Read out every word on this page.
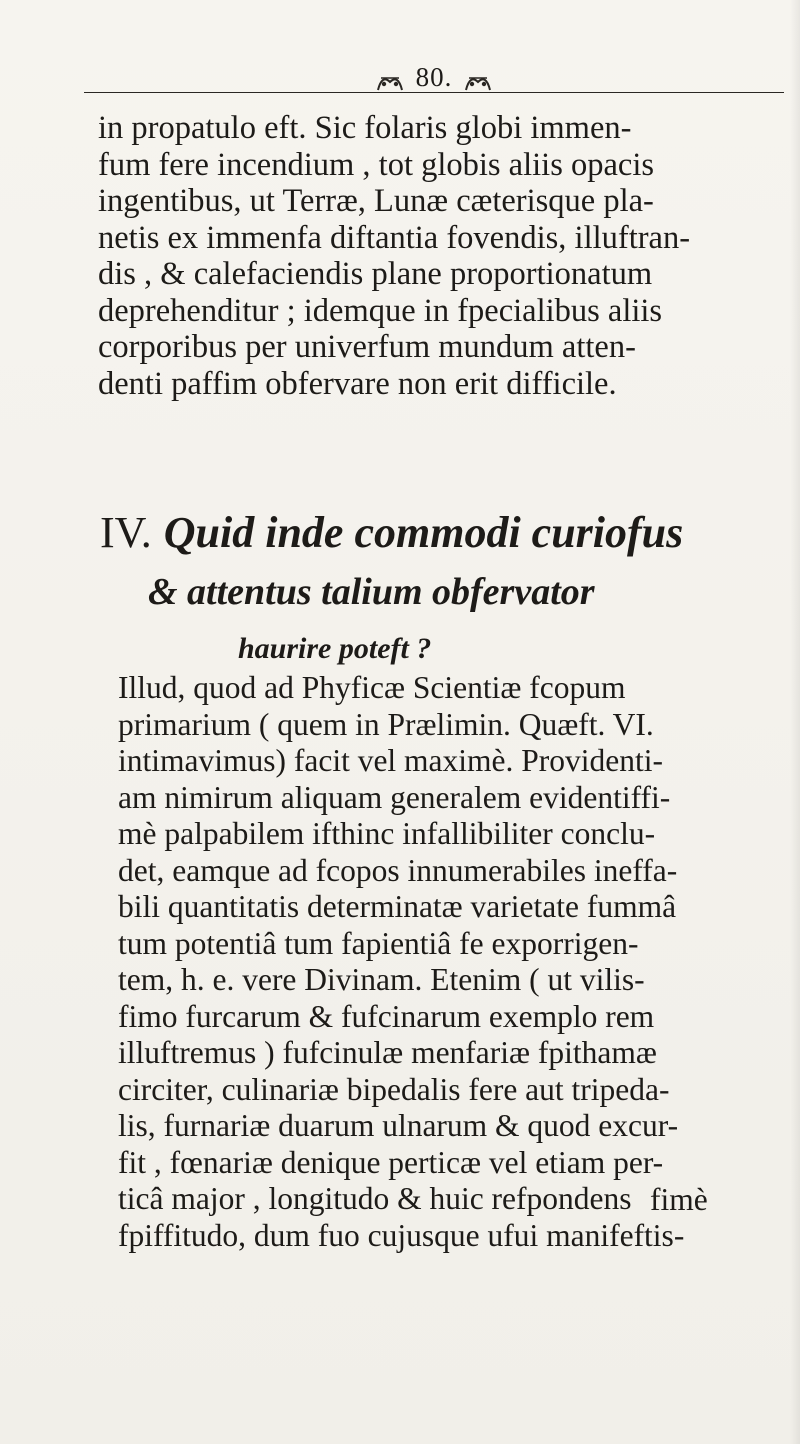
80.
in propatulo eft. Sic folaris globi immen-
fum fere incendium , tot globis aliis opacis
ingentibus, ut Terræ, Lunæ cæterisque pla-
netis ex immenfa diftantia fovendis, illuftran-
dis , & calefaciendis plane proportionatum
deprehenditur ; idemque in fpecialibus aliis
corporibus per univerfum mundum atten-
denti paffim obfervare non erit difficile.
IV. Quid inde commodi curiofus
& attentus talium obfervator
haurire poteft ?
Illud, quod ad Phyficæ Scientiæ fcopum
primarium ( quem in Prælimin. Quæft. VI.
intimavimus) facit vel maximè. Providenti-
am nimirum aliquam generalem evidentiffi-
mè palpabilem ifthinc infallibiliter conclu-
det, eamque ad fcopos innumerabiles ineffa-
bili quantitatis determinatæ varietate fummâ
tum potentiâ tum fapientiâ fe exporrigen-
tem, h. e. vere Divinam. Etenim ( ut vilis-
fimo furcarum & fufcinarum exemplo rem
illuftremus ) fufcinulæ menfariæ fpithamæ
circiter, culinariæ bipedalis fere aut tripeda-
lis, furnariæ duarum ulnarum & quod excur-
fit , fœnariæ denique perticæ vel etiam per-
ticâ major , longitudo & huic refpondens
fpiffitudo, dum fuo cujusque ufui manifeftis-
fimè
